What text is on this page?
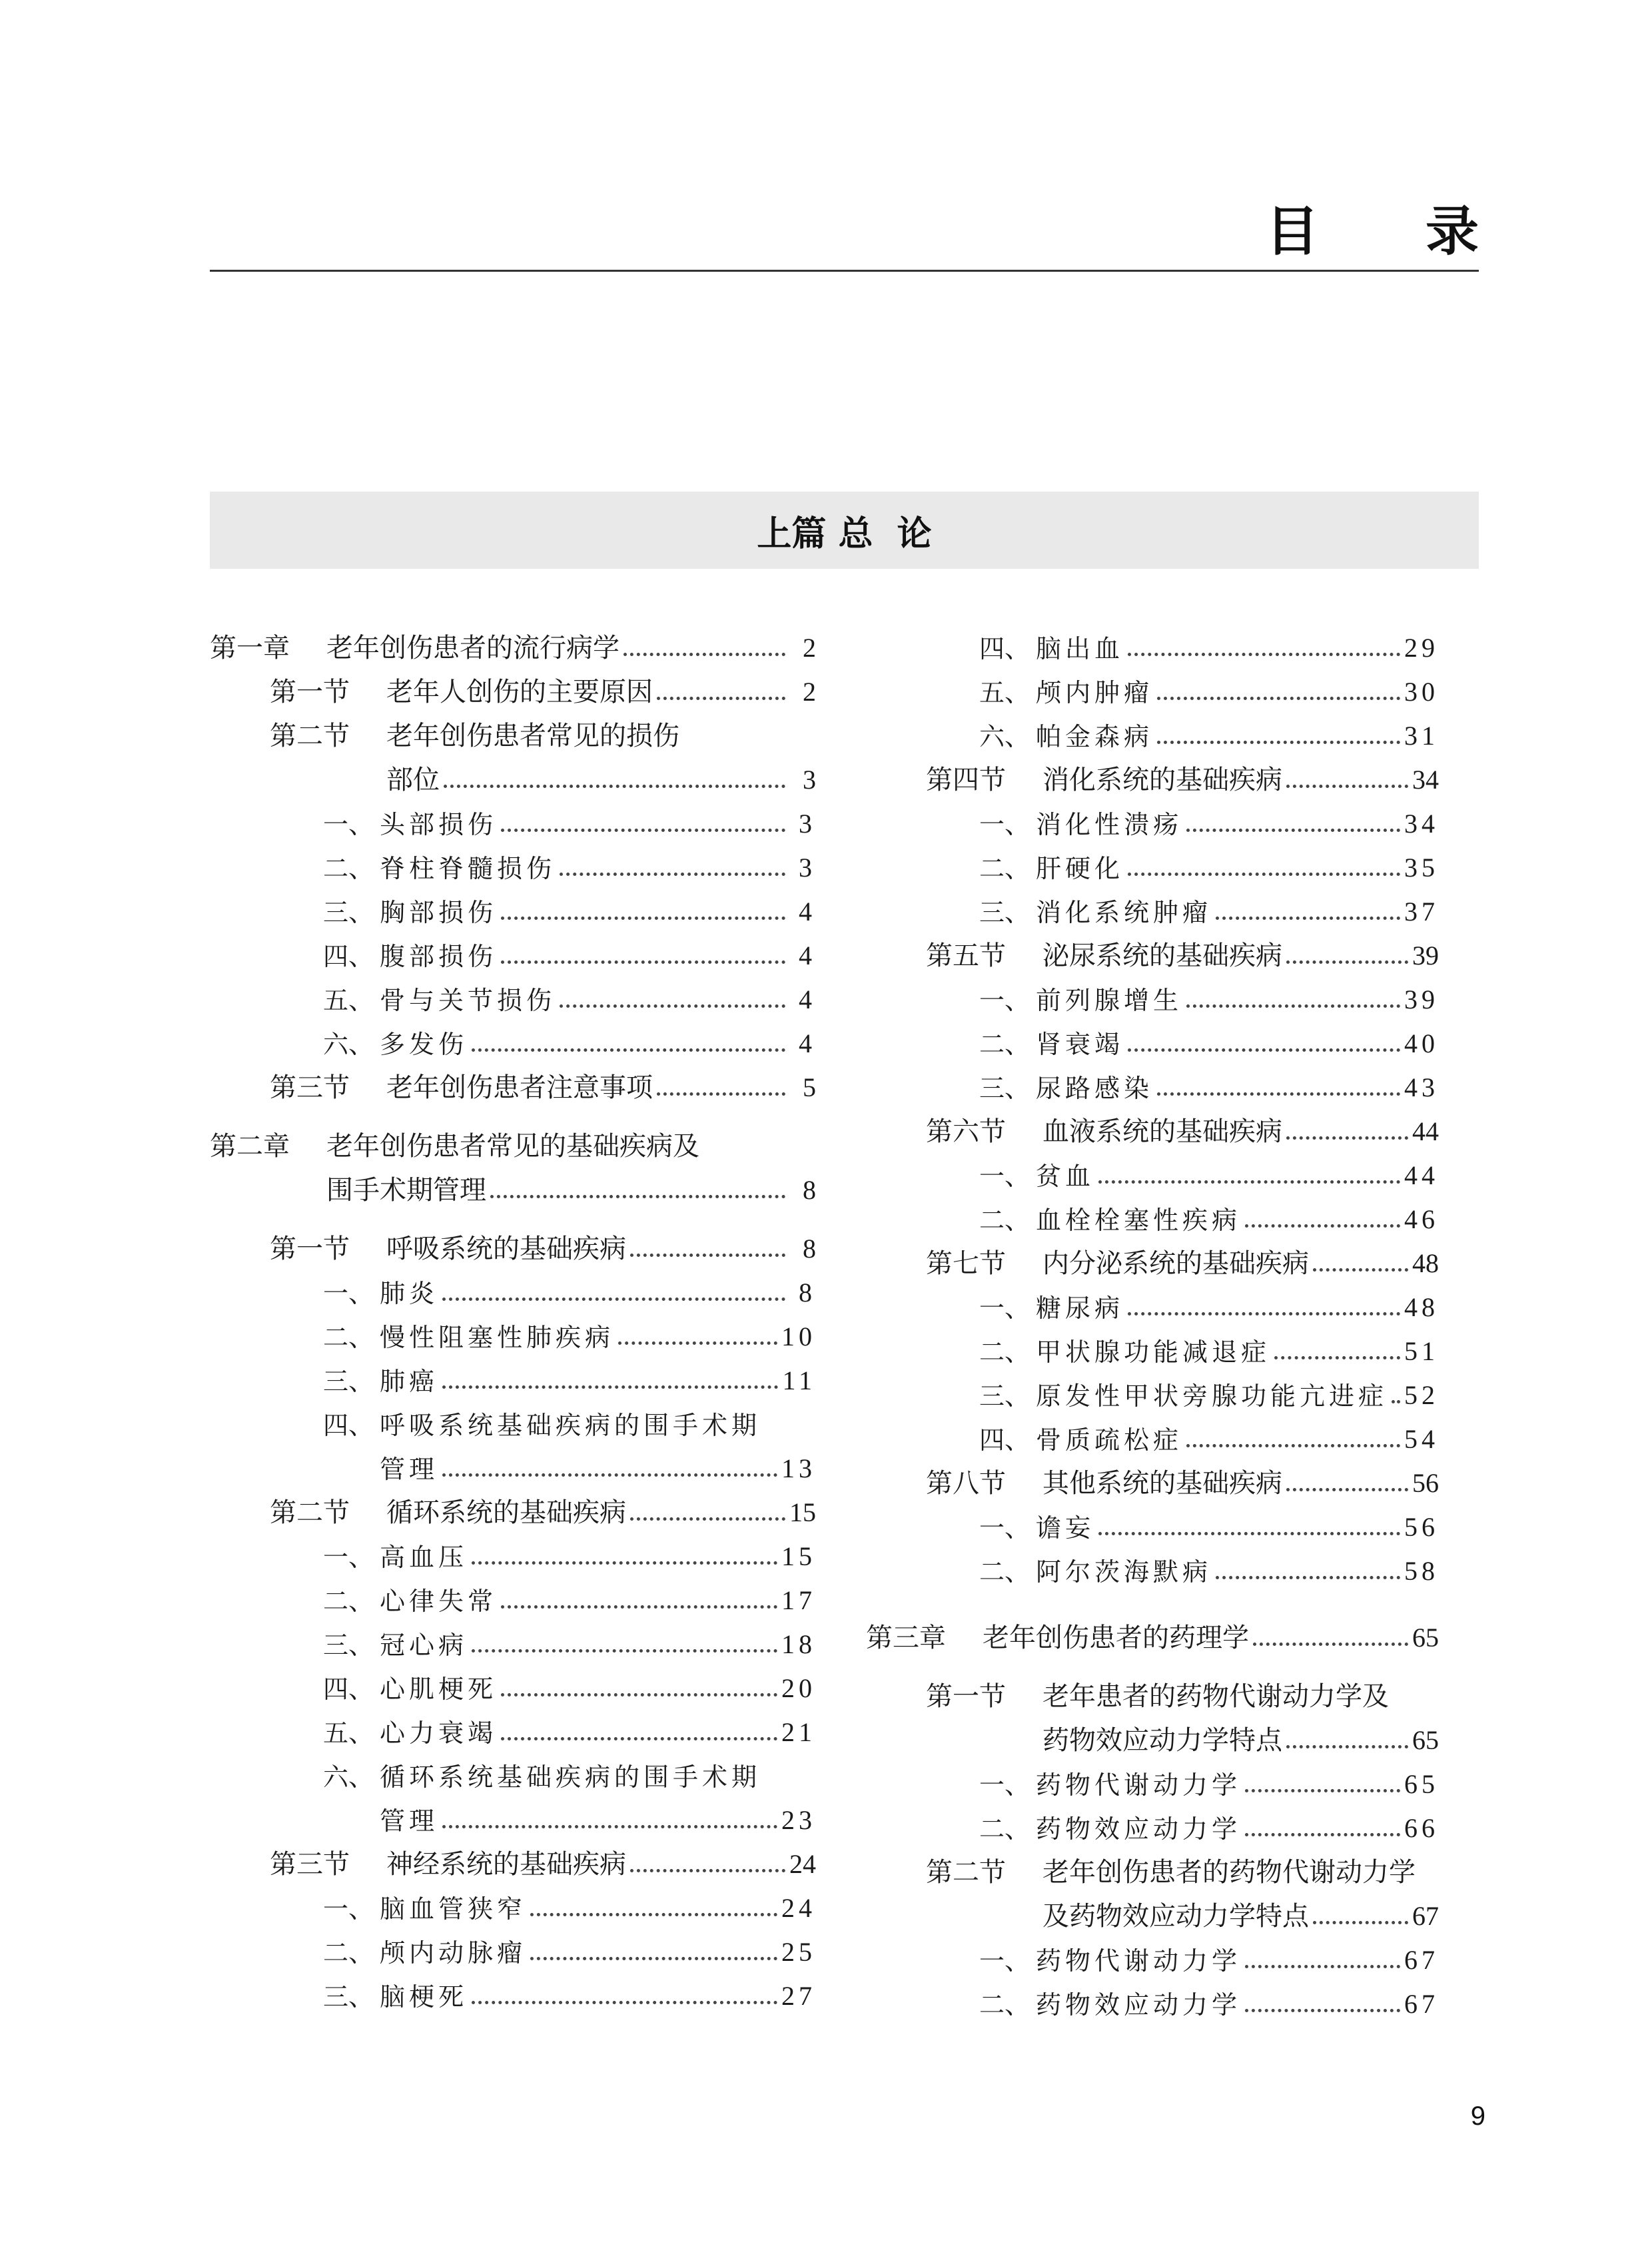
目 录
上篇 总  论
第一章	老年创伤患者的流行病学	2
第一节	老年人创伤的主要原因	2
第二节	老年创伤患者常见的损伤
部位	3
一、 头部损伤	3
二、 脊柱脊髓损伤	3
三、 胸部损伤	4
四、 腹部损伤	4
五、 骨与关节损伤	4
六、 多发伤	4
第三节	老年创伤患者注意事项	5
第二章	老年创伤患者常见的基础疾病及
围手术期管理	8
第一节	呼吸系统的基础疾病	8
一、 肺炎	8
二、 慢性阻塞性肺疾病	10
三、 肺癌	11
四、 呼吸系统基础疾病的围手术期
管理	13
第二节	循环系统的基础疾病	15
一、 高血压	15
二、 心律失常	17
三、 冠心病	18
四、 心肌梗死	20
五、 心力衰竭	21
六、 循环系统基础疾病的围手术期
管理	23
第三节	神经系统的基础疾病	24
一、 脑血管狭窄	24
二、 颅内动脉瘤	25
三、 脑梗死	27
四、 脑出血	29
五、 颅内肿瘤	30
六、 帕金森病	31
第四节	消化系统的基础疾病	34
一、 消化性溃疡	34
二、 肝硬化	35
三、 消化系统肿瘤	37
第五节	泌尿系统的基础疾病	39
一、 前列腺增生	39
二、 肾衰竭	40
三、 尿路感染	43
第六节	血液系统的基础疾病	44
一、 贫血	44
二、 血栓栓塞性疾病	46
第七节	内分泌系统的基础疾病	48
一、 糖尿病	48
二、 甲状腺功能减退症	51
三、 原发性甲状旁腺功能亢进症 52
四、 骨质疏松症	54
第八节	其他系统的基础疾病	56
一、 谵妄	56
二、 阿尔茨海默病	58
第三章	老年创伤患者的药理学	65
第一节	老年患者的药物代谢动力学及
药物效应动力学特点	65
一、 药物代谢动力学	65
二、 药物效应动力学	66
第二节	老年创伤患者的药物代谢动力学
及药物效应动力学特点	67
一、 药物代谢动力学	67
二、 药物效应动力学	67
9
